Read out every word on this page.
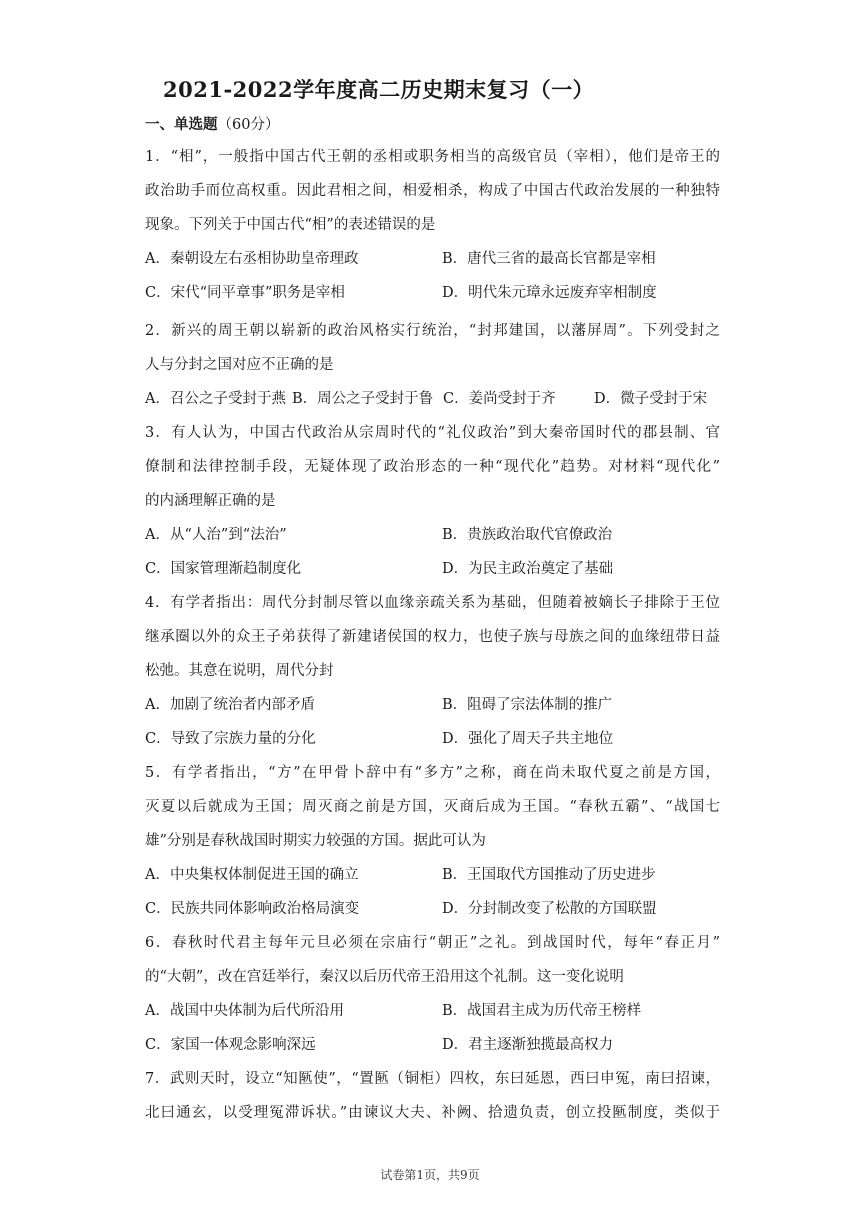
2021-2022学年度高二历史期末复习（一）
一、单选题（60分）
1．“相”，一般指中国古代王朝的丞相或职务相当的高级官员（宰相），他们是帝王的
政治助手而位高权重。因此君相之间，相爱相杀，构成了中国古代政治发展的一种独特
现象。下列关于中国古代“相”的表述错误的是
A．秦朝设左右丞相协助皇帝理政	B．唐代三省的最高长官都是宰相
C．宋代“同平章事”职务是宰相	D．明代朱元璋永远废弃宰相制度
2．新兴的周王朝以崭新的政治风格实行统治，“封邦建国，以藩屏周”。下列受封之
人与分封之国对应不正确的是
A．召公之子受封于燕 B．周公之子受封于鲁 C．姜尚受封于齐	D．微子受封于宋
3．有人认为，中国古代政治从宗周时代的“礼仪政治”到大秦帝国时代的郡县制、官
僚制和法律控制手段，无疑体现了政治形态的一种“现代化”趋势。对材料“现代化”
的内涵理解正确的是
A．从“人治”到“法治”	B．贵族政治取代官僚政治
C．国家管理渐趋制度化	D．为民主政治奠定了基础
4．有学者指出：周代分封制尽管以血缘亲疏关系为基础，但随着被嫡长子排除于王位
继承圈以外的众王子弟获得了新建诸侯国的权力，也使子族与母族之间的血缘纽带日益
松弛。其意在说明，周代分封
A．加剧了统治者内部矛盾	B．阻碍了宗法体制的推广
C．导致了宗族力量的分化	D．强化了周天子共主地位
5．有学者指出，“方”在甲骨卜辞中有“多方”之称，商在尚未取代夏之前是方国，
灭夏以后就成为王国；周灭商之前是方国，灭商后成为王国。“春秋五霸”、“战国七
雄”分别是春秋战国时期实力较强的方国。据此可认为
A．中央集权体制促进王国的确立	B．王国取代方国推动了历史进步
C．民族共同体影响政治格局演变	D．分封制改变了松散的方国联盟
6．春秋时代君主每年元旦必须在宗庙行“朝正”之礼。到战国时代，每年“春正月”
的“大朝”，改在宫廷举行，秦汉以后历代帝王沿用这个礼制。这一变化说明
A．战国中央体制为后代所沿用	B．战国君主成为历代帝王榜样
C．家国一体观念影响深远	D．君主逐渐独揽最高权力
7．武则天时，设立“知匦使”，“置匦（铜柜）四枚，东曰延恩，西曰申冤，南曰招谏，
北曰通玄，以受理冤滞诉状。”由谏议大夫、补阙、拾遗负责，创立投匦制度，类似于
试卷第1页，共9页
